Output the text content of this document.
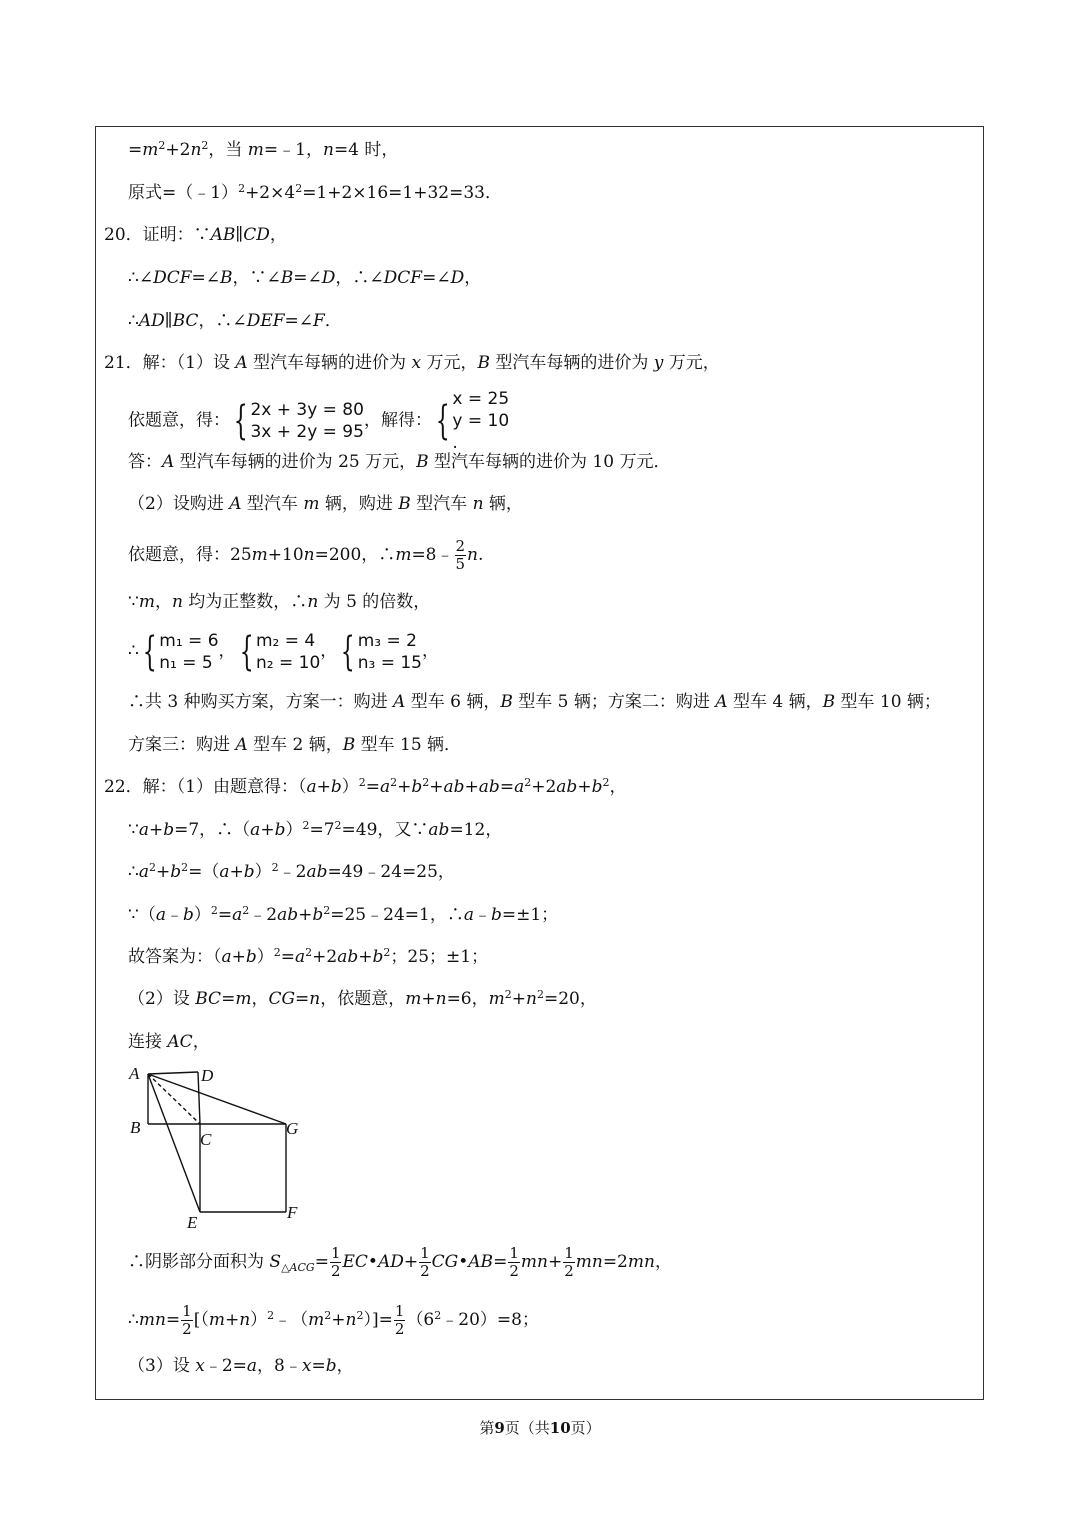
$=m^2+2n^2$，当 m=﹣1，n=4 时，
原式$=(﹣1)^2+2\times 4^2=1+2\times 16=1+32=33$．
20．证明：∵AB∥CD，
∴∠DCF=∠B，∵∠B=∠D，∴∠DCF=∠D，
∴AD∥BC，∴∠DEF=∠F．
21．解：（1）设 A 型汽车每辆的进价为 x 万元，B 型汽车每辆的进价为 y 万元，
依题意，得：{ 2x + 3y = 80
3x + 2y = 95
，解得：{ x = 25
y = 10
.
答：A 型汽车每辆的进价为 25 万元，B 型汽车每辆的进价为 10 万元．
（2）设购进 A 型汽车 m 辆，购进 B 型汽车 n 辆，
依题意，得：25m+10n=200，∴m=8﹣ $\frac{2}{5} n$.
∵m，n 均为正整数，∴n 为 5 的倍数，
∴{ m₁ = 6
n₁ = 5
，{ m₂ = 4
n₂ = 10
，{ m₃ = 2
n₃ = 15
，
∴共 3 种购买方案，方案一：购进 A 型车 6 辆，B 型车 5 辆；方案二：购进 A 型车 4 辆，B 型车 10 辆；
方案三：购进 A 型车 2 辆，B 型车 15 辆．
22．解：（1）由题意得：$(a+b)^2=a^2+b^2+ab+ab=a^2+2ab+b^2$，
∵a+b=7，$\therefore(a+b)^2=7^2=49$，又∵ab=12，
$\therefore a^2+b^2=(a+b)^2﹣2ab=49﹣24=25$，
$\because(a﹣b)^2=a^2﹣2ab+b^2=25﹣24=1$，∴a﹣b=±1；
故答案为：$(a+b)^2=a^2+2ab+b^2$；25；±1；
（2）设 BC=m，CG=n，依题意，m+n=6，$m^2+n^2=20$，
连接 AC，
A	D
B
C
G
E
F
∴阴影部分面积为 $S_{\triangle ACG}= \frac{1}{2}$ EC•AD+ $\frac{1}{2}$ CG•AB= $\frac{1}{2} mn+ \frac{1}{2} mn=2mn$，
∴mn= $\frac{1}{2}$ $[(m+n)^2﹣(m^2+n^2)]= \frac{1}{2}$ $(6^2﹣20)=8$；
（3）设 x﹣2=a，8﹣x=b，
第9页（共10页）
